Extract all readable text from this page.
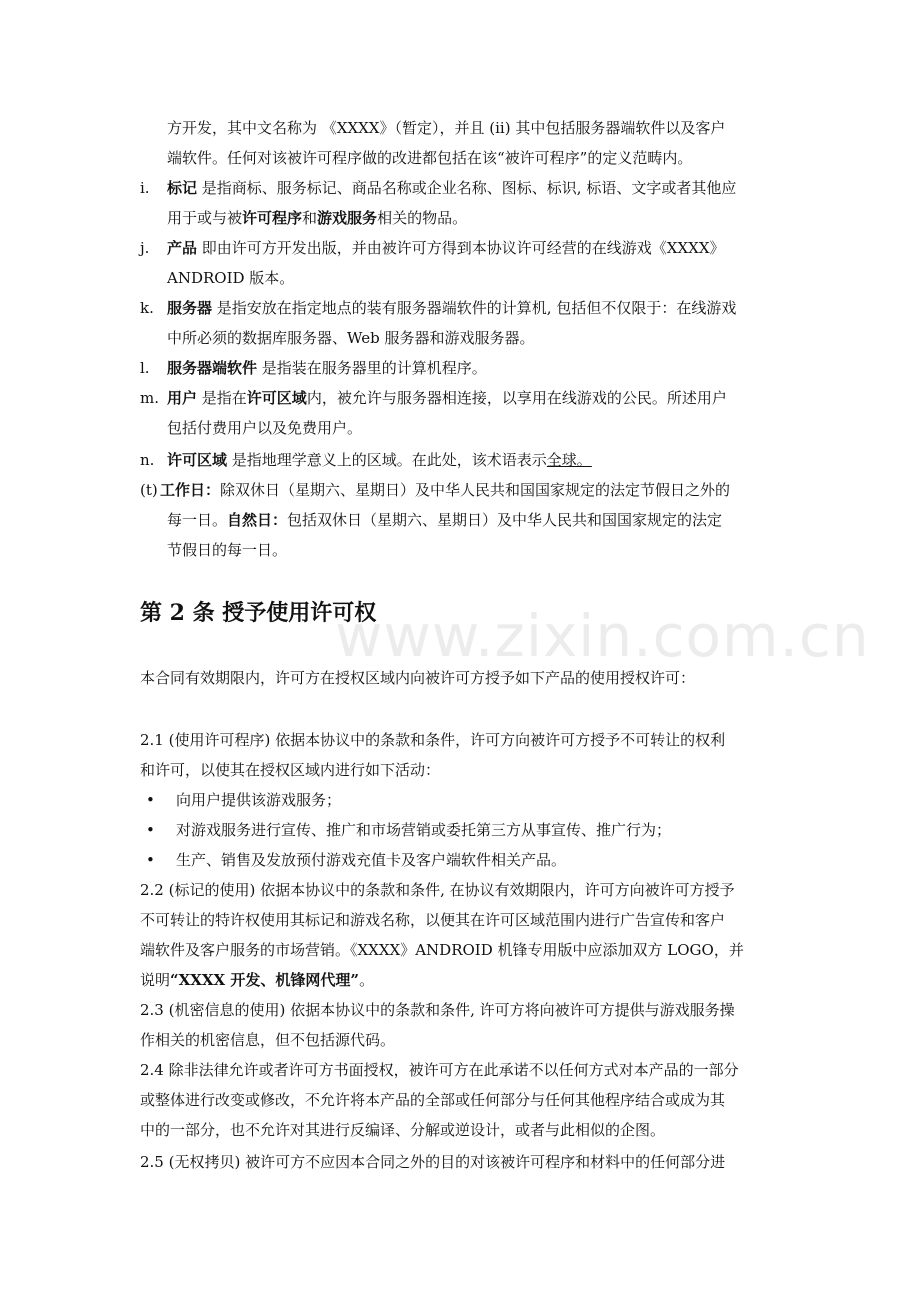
方开发，其中文名称为 《XXXX》（暂定），并且 (ii) 其中包括服务器端软件以及客户
端软件。任何对该被许可程序做的改进都包括在该“被许可程序”的定义范畴内。
i. 标记 是指商标、服务标记、商品名称或企业名称、图标、标识, 标语、文字或者其他应
用于或与被许可程序和游戏服务相关的物品。
j. 产品 即由许可方开发出版，并由被许可方得到本协议许可经营的在线游戏《XXXX》
ANDROID 版本。
k. 服务器 是指安放在指定地点的装有服务器端软件的计算机, 包括但不仅限于：在线游戏
中所必须的数据库服务器、Web 服务器和游戏服务器。
l. 服务器端软件 是指装在服务器里的计算机程序。
m. 用户 是指在许可区域内，被允许与服务器相连接，以享用在线游戏的公民。所述用户
包括付费用户以及免费用户。
n. 许可区域 是指地理学意义上的区域。在此处，该术语表示全球。
(t) 工作日：除双休日（星期六、星期日）及中华人民共和国国家规定的法定节假日之外的
每一日。自然日：包括双休日（星期六、星期日）及中华人民共和国国家规定的法定
节假日的每一日。
第 2 条 授予使用许可权
www.zixin.com.cn
本合同有效期限内，许可方在授权区域内向被许可方授予如下产品的使用授权许可：
2.1 (使用许可程序) 依据本协议中的条款和条件，许可方向被许可方授予不可转让的权利
和许可，以使其在授权区域内进行如下活动：
• 向用户提供该游戏服务；
• 对游戏服务进行宣传、推广和市场营销或委托第三方从事宣传、推广行为；
• 生产、销售及发放预付游戏充值卡及客户端软件相关产品。
2.2 (标记的使用) 依据本协议中的条款和条件, 在协议有效期限内，许可方向被许可方授予
不可转让的特许权使用其标记和游戏名称，以便其在许可区域范围内进行广告宣传和客户
端软件及客户服务的市场营销。《XXXX》ANDROID 机锋专用版中应添加双方 LOGO，并
说明“XXXX 开发、机锋网代理”。
2.3 (机密信息的使用) 依据本协议中的条款和条件, 许可方将向被许可方提供与游戏服务操
作相关的机密信息，但不包括源代码。
2.4 除非法律允许或者许可方书面授权，被许可方在此承诺不以任何方式对本产品的一部分
或整体进行改变或修改，不允许将本产品的全部或任何部分与任何其他程序结合或成为其
中的一部分，也不允许对其进行反编译、分解或逆设计，或者与此相似的企图。
2.5 (无权拷贝) 被许可方不应因本合同之外的目的对该被许可程序和材料中的任何部分进
